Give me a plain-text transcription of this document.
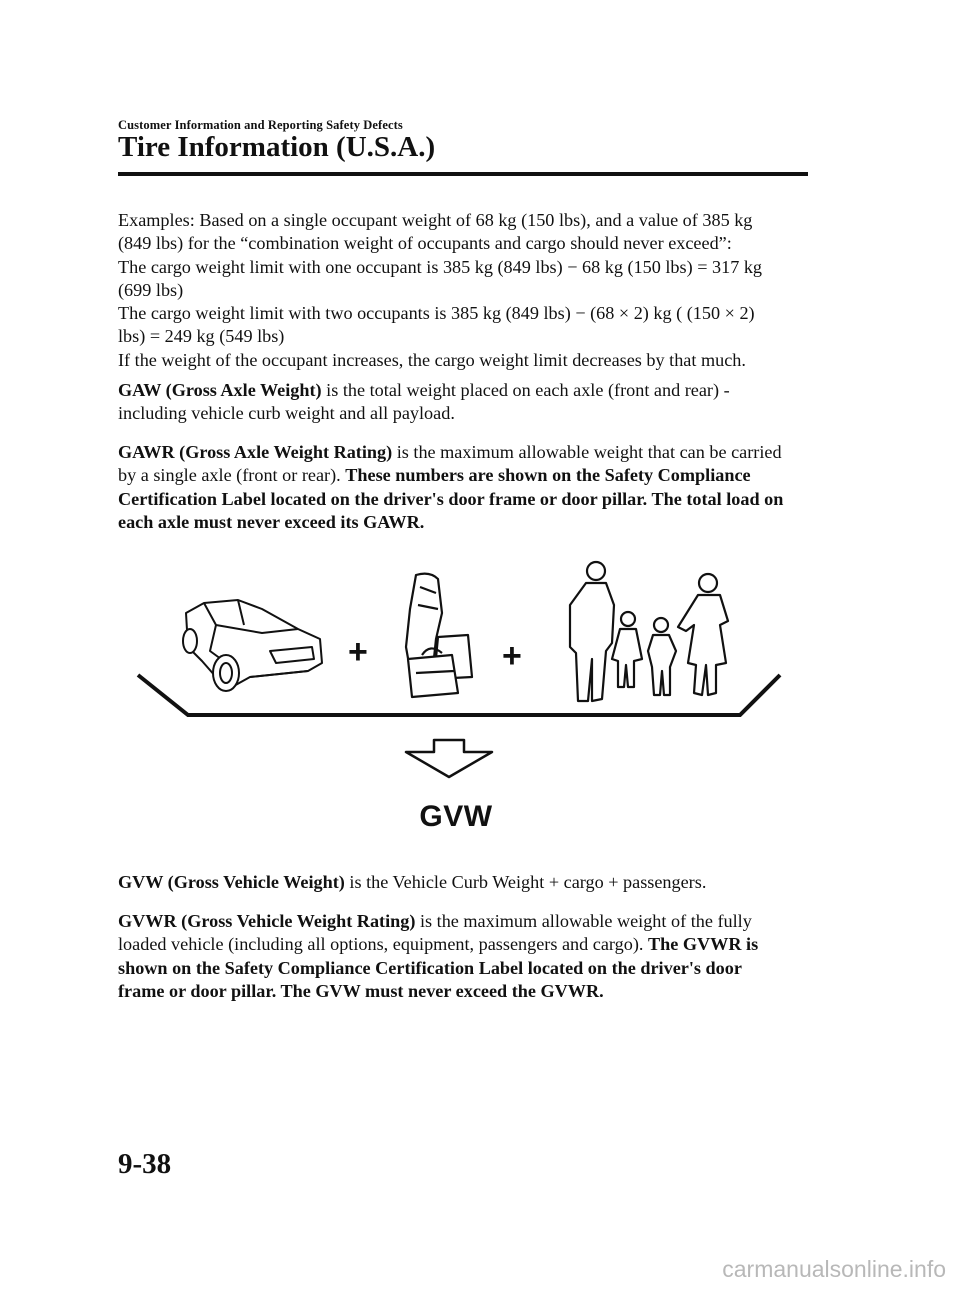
Customer Information and Reporting Safety Defects
Tire Information (U.S.A.)

Examples: Based on a single occupant weight of 68 kg (150 lbs), and a value of 385 kg

(849 lbs) for the “combination weight of occupants and cargo should never exceed”:

The cargo weight limit with one occupant is 385 kg (849 lbs) − 68 kg (150 lbs) = 317 kg

(699 lbs)

The cargo weight limit with two occupants is 385 kg (849 lbs) − (68 × 2) kg ( (150 × 2)

lbs) = 249 kg (549 lbs)

If the weight of the occupant increases, the cargo weight limit decreases by that much.

GAW (Gross Axle Weight) is the total weight placed on each axle (front and rear) -

including vehicle curb weight and all payload.

GAWR (Gross Axle Weight Rating) is the maximum allowable weight that can be carried

by a single axle (front or rear). These numbers are shown on the Safety Compliance

Certification Label located on the driver's door frame or door pillar. The total load on

each axle must never exceed its GAWR.

+	+
GVW

GVW (Gross Vehicle Weight) is the Vehicle Curb Weight + cargo + passengers.

GVWR (Gross Vehicle Weight Rating) is the maximum allowable weight of the fully

loaded vehicle (including all options, equipment, passengers and cargo). The GVWR is

shown on the Safety Compliance Certification Label located on the driver's door

frame or door pillar. The GVW must never exceed the GVWR.

9-38
carmanualsonline.info
